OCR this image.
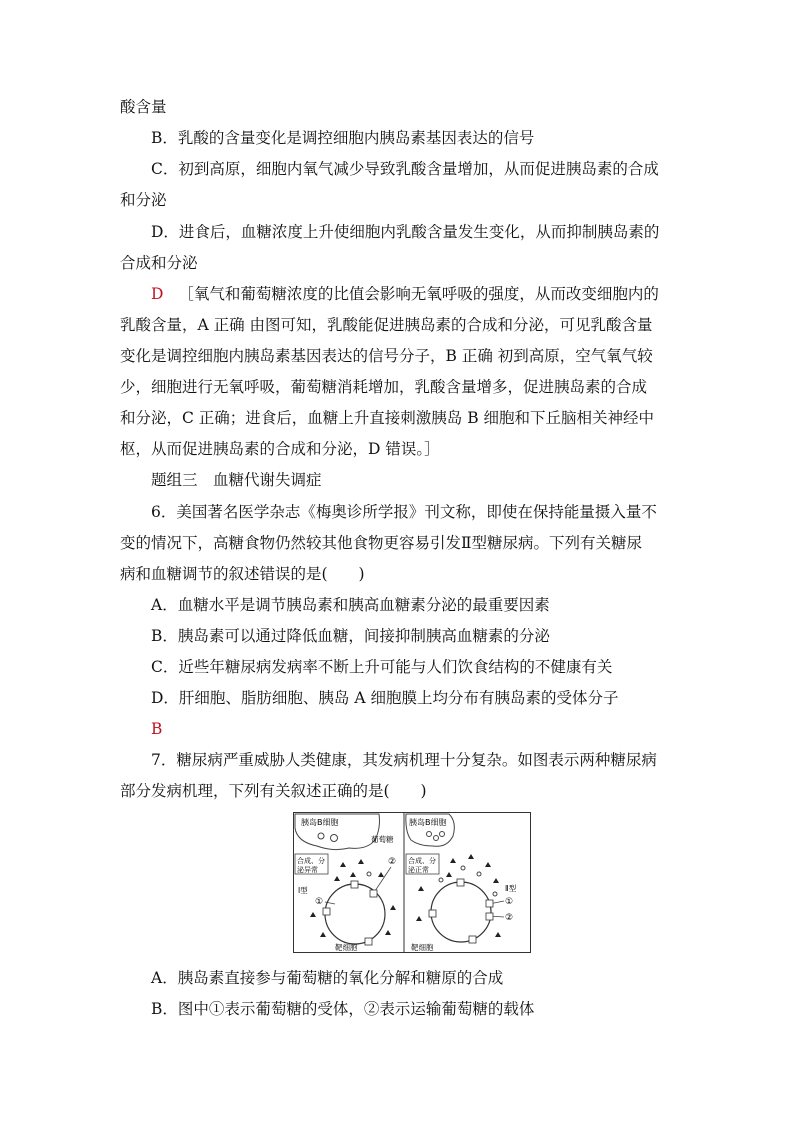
酸含量
B．乳酸的含量变化是调控细胞内胰岛素基因表达的信号
C．初到高原，细胞内氧气减少导致乳酸含量增加，从而促进胰岛素的合成
和分泌
D．进食后，血糖浓度上升使细胞内乳酸含量发生变化，从而抑制胰岛素的
合成和分泌
D ［氧气和葡萄糖浓度的比值会影响无氧呼吸的强度，从而改变细胞内的
乳酸含量，A 正确 由图可知，乳酸能促进胰岛素的合成和分泌，可见乳酸含量
变化是调控细胞内胰岛素基因表达的信号分子，B 正确 初到高原，空气氧气较
少，细胞进行无氧呼吸，葡萄糖消耗增加，乳酸含量增多，促进胰岛素的合成
和分泌，C 正确；进食后，血糖上升直接刺激胰岛 B 细胞和下丘脑相关神经中
枢，从而促进胰岛素的合成和分泌，D 错误。］
题组三　血糖代谢失调症
6．美国著名医学杂志《梅奥诊所学报》刊文称，即使在保持能量摄入量不
变的情况下，高糖食物仍然较其他食物更容易引发Ⅱ型糖尿病。下列有关糖尿
病和血糖调节的叙述错误的是(　　)
A．血糖水平是调节胰岛素和胰高血糖素分泌的最重要因素
B．胰岛素可以通过降低血糖，间接抑制胰高血糖素的分泌
C．近些年糖尿病发病率不断上升可能与人们饮食结构的不健康有关
D．肝细胞、脂肪细胞、胰岛 A 细胞膜上均分布有胰岛素的受体分子
B
7．糖尿病严重威胁人类健康，其发病机理十分复杂。如图表示两种糖尿病
部分发病机理，下列有关叙述正确的是(　　)
胰岛B细胞
葡萄糖
合成、分
泌异常
Ⅰ型
①
②
靶细胞
胰岛B细胞
合成、分
泌正常
Ⅱ型
①
②
靶细胞
A．胰岛素直接参与葡萄糖的氧化分解和糖原的合成
B．图中①表示葡萄糖的受体，②表示运输葡萄糖的载体
